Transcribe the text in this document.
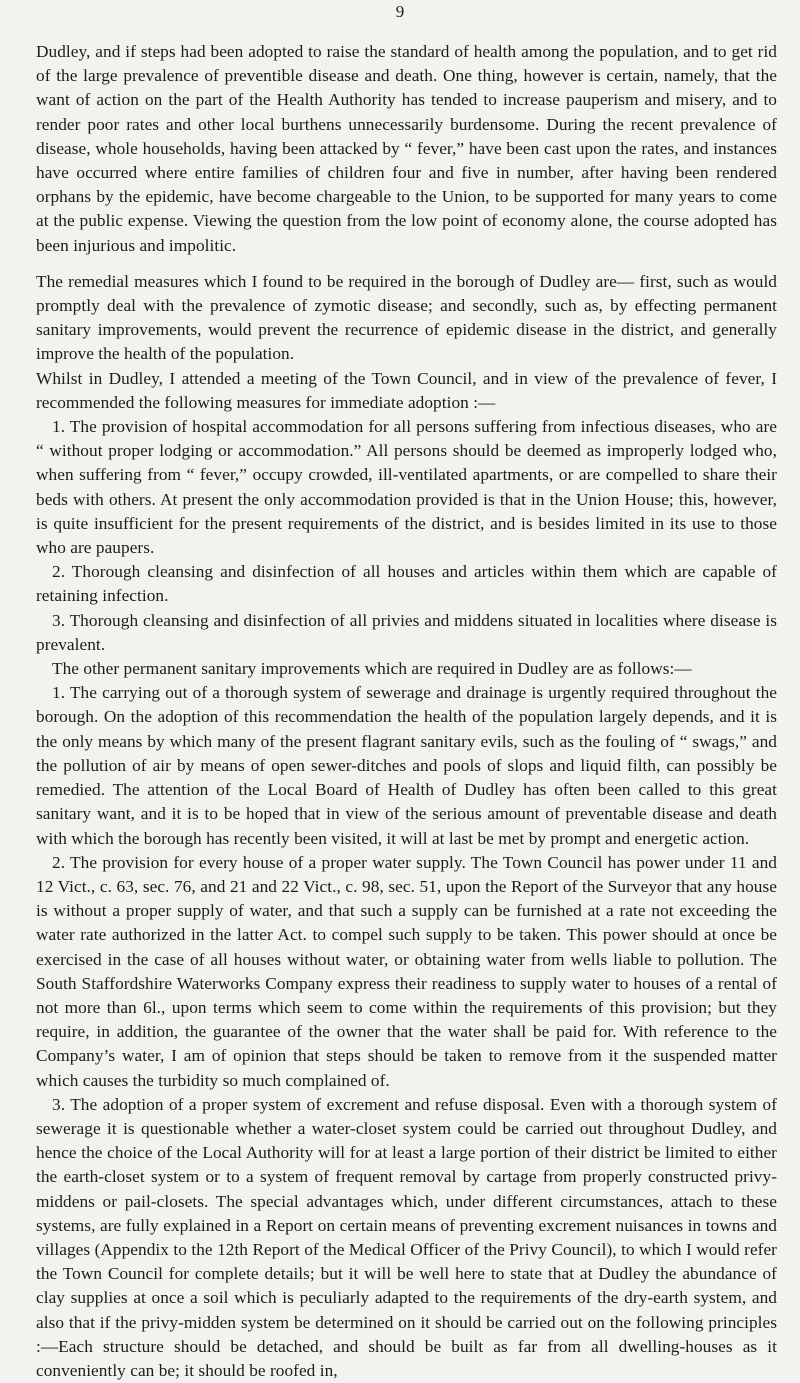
9

Dudley, and if steps had been adopted to raise the standard of health among the population, and to get rid of the large prevalence of preventible disease and death. One thing, however is certain, namely, that the want of action on the part of the Health Authority has tended to increase pauperism and misery, and to render poor rates and other local burthens unnecessarily burdensome. During the recent prevalence of disease, whole households, having been attacked by “ fever,” have been cast upon the rates, and instances have occurred where entire families of children four and five in number, after having been rendered orphans by the epidemic, have become chargeable to the Union, to be supported for many years to come at the public expense. Viewing the question from the low point of economy alone, the course adopted has been injurious and impolitic.

The remedial measures which I found to be required in the borough of Dudley are— first, such as would promptly deal with the prevalence of zymotic disease; and secondly, such as, by effecting permanent sanitary improvements, would prevent the recurrence of epidemic disease in the district, and generally improve the health of the population.

Whilst in Dudley, I attended a meeting of the Town Council, and in view of the prevalence of fever, I recommended the following measures for immediate adoption :—

1. The provision of hospital accommodation for all persons suffering from infectious diseases, who are “ without proper lodging or accommodation.” All persons should be deemed as improperly lodged who, when suffering from “ fever,” occupy crowded, ill-ventilated apartments, or are compelled to share their beds with others. At present the only accommodation provided is that in the Union House; this, however, is quite insufficient for the present requirements of the district, and is besides limited in its use to those who are paupers.

2. Thorough cleansing and disinfection of all houses and articles within them which are capable of retaining infection.

3. Thorough cleansing and disinfection of all privies and middens situated in localities where disease is prevalent.

The other permanent sanitary improvements which are required in Dudley are as follows:—

1. The carrying out of a thorough system of sewerage and drainage is urgently required throughout the borough. On the adoption of this recommendation the health of the population largely depends, and it is the only means by which many of the present flagrant sanitary evils, such as the fouling of “ swags,” and the pollution of air by means of open sewer-ditches and pools of slops and liquid filth, can possibly be remedied. The attention of the Local Board of Health of Dudley has often been called to this great sanitary want, and it is to be hoped that in view of the serious amount of preventable disease and death with which the borough has recently been visited, it will at last be met by prompt and energetic action.

2. The provision for every house of a proper water supply. The Town Council has power under 11 and 12 Vict., c. 63, sec. 76, and 21 and 22 Vict., c. 98, sec. 51, upon the Report of the Surveyor that any house is without a proper supply of water, and that such a supply can be furnished at a rate not exceeding the water rate authorized in the latter Act. to compel such supply to be taken. This power should at once be exercised in the case of all houses without water, or obtaining water from wells liable to pollution. The South Staffordshire Waterworks Company express their readiness to supply water to houses of a rental of not more than 6l., upon terms which seem to come within the requirements of this provision; but they require, in addition, the guarantee of the owner that the water shall be paid for. With reference to the Company’s water, I am of opinion that steps should be taken to remove from it the suspended matter which causes the turbidity so much complained of.

3. The adoption of a proper system of excrement and refuse disposal. Even with a thorough system of sewerage it is questionable whether a water-closet system could be carried out throughout Dudley, and hence the choice of the Local Authority will for at least a large portion of their district be limited to either the earth-closet system or to a system of frequent removal by cartage from properly constructed privy-middens or pail-closets. The special advantages which, under different circumstances, attach to these systems, are fully explained in a Report on certain means of preventing excrement nuisances in towns and villages (Appendix to the 12th Report of the Medical Officer of the Privy Council), to which I would refer the Town Council for complete details; but it will be well here to state that at Dudley the abundance of clay supplies at once a soil which is peculiarly adapted to the requirements of the dry-earth system, and also that if the privy-midden system be determined on it should be carried out on the following principles :—Each structure should be detached, and should be built as far from all dwelling-houses as it conveniently can be; it should be roofed in,
